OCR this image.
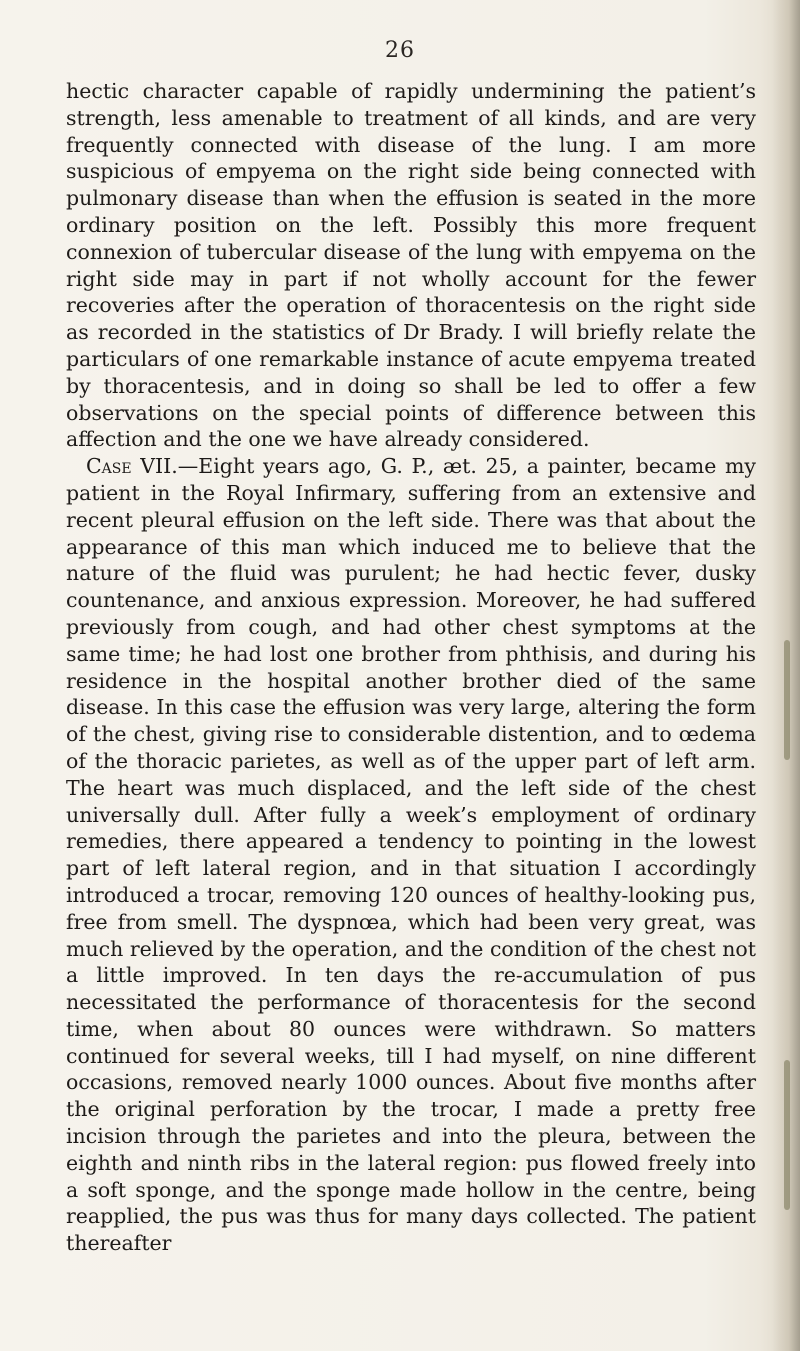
26

hectic character capable of rapidly undermining the patient’s strength, less amenable to treatment of all kinds, and are very frequently connected with disease of the lung. I am more suspicious of empyema on the right side being connected with pulmonary disease than when the effusion is seated in the more ordinary position on the left. Possibly this more frequent connexion of tubercular disease of the lung with empyema on the right side may in part if not wholly account for the fewer recoveries after the operation of thoracentesis on the right side as recorded in the statistics of Dr Brady. I will briefly relate the particulars of one remarkable instance of acute empyema treated by thoracentesis, and in doing so shall be led to offer a few observations on the special points of difference between this affection and the one we have already considered.

Case VII.—Eight years ago, G. P., æt. 25, a painter, became my patient in the Royal Infirmary, suffering from an extensive and recent pleural effusion on the left side. There was that about the appearance of this man which induced me to believe that the nature of the fluid was purulent; he had hectic fever, dusky countenance, and anxious expression. Moreover, he had suffered previously from cough, and had other chest symptoms at the same time; he had lost one brother from phthisis, and during his residence in the hospital another brother died of the same disease. In this case the effusion was very large, altering the form of the chest, giving rise to considerable distention, and to œdema of the thoracic parietes, as well as of the upper part of left arm. The heart was much displaced, and the left side of the chest universally dull. After fully a week’s employment of ordinary remedies, there appeared a tendency to pointing in the lowest part of left lateral region, and in that situation I accordingly introduced a trocar, removing 120 ounces of healthy-looking pus, free from smell. The dyspnœa, which had been very great, was much relieved by the operation, and the condition of the chest not a little improved. In ten days the re-accumulation of pus necessitated the performance of thoracentesis for the second time, when about 80 ounces were withdrawn. So matters continued for several weeks, till I had myself, on nine different occasions, removed nearly 1000 ounces. About five months after the original perforation by the trocar, I made a pretty free incision through the parietes and into the pleura, between the eighth and ninth ribs in the lateral region: pus flowed freely into a soft sponge, and the sponge made hollow in the centre, being reapplied, the pus was thus for many days collected. The patient thereafter
